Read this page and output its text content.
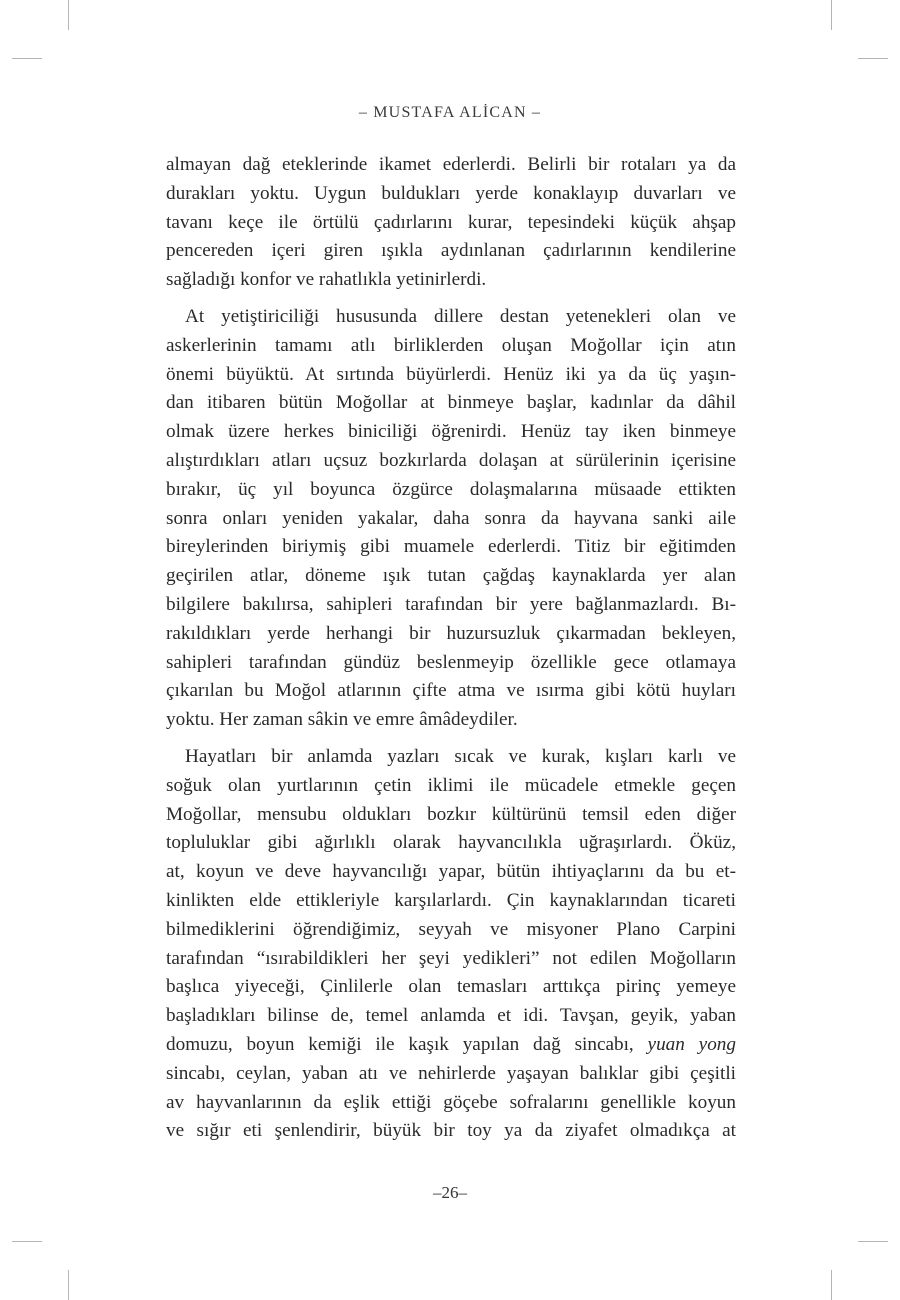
– MUSTAFA ALİCAN –

almayan dağ eteklerinde ikamet ederlerdi. Belirli bir rotaları ya da
durakları yoktu. Uygun buldukları yerde konaklayıp duvarları ve
tavanı keçe ile örtülü çadırlarını kurar, tepesindeki küçük ahşap
pencereden içeri giren ışıkla aydınlanan çadırlarının kendilerine
sağladığı konfor ve rahatlıkla yetinirlerdi.

At yetiştiriciliği hususunda dillere destan yetenekleri olan ve
askerlerinin tamamı atlı birliklerden oluşan Moğollar için atın
önemi büyüktü. At sırtında büyürlerdi. Henüz iki ya da üç yaşın-
dan itibaren bütün Moğollar at binmeye başlar, kadınlar da dâhil
olmak üzere herkes biniciliği öğrenirdi. Henüz tay iken binmeye
alıştırdıkları atları uçsuz bozkırlarda dolaşan at sürülerinin içerisine
bırakır, üç yıl boyunca özgürce dolaşmalarına müsaade ettikten
sonra onları yeniden yakalar, daha sonra da hayvana sanki aile
bireylerinden biriymiş gibi muamele ederlerdi. Titiz bir eğitimden
geçirilen atlar, döneme ışık tutan çağdaş kaynaklarda yer alan
bilgilere bakılırsa, sahipleri tarafından bir yere bağlanmazlardı. Bı-
rakıldıkları yerde herhangi bir huzursuzluk çıkarmadan bekleyen,
sahipleri tarafından gündüz beslenmeyip özellikle gece otlamaya
çıkarılan bu Moğol atlarının çifte atma ve ısırma gibi kötü huyları
yoktu. Her zaman sâkin ve emre âmâdeydiler.

Hayatları bir anlamda yazları sıcak ve kurak, kışları karlı ve
soğuk olan yurtlarının çetin iklimi ile mücadele etmekle geçen
Moğollar, mensubu oldukları bozkır kültürünü temsil eden diğer
topluluklar gibi ağırlıklı olarak hayvancılıkla uğraşırlardı. Öküz,
at, koyun ve deve hayvancılığı yapar, bütün ihtiyaçlarını da bu et-
kinlikten elde ettikleriyle karşılarlardı. Çin kaynaklarından ticareti
bilmediklerini öğrendiğimiz, seyyah ve misyoner Plano Carpini
tarafından “ısırabildikleri her şeyi yedikleri” not edilen Moğolların
başlıca yiyeceği, Çinlilerle olan temasları arttıkça pirinç yemeye
başladıkları bilinse de, temel anlamda et idi. Tavşan, geyik, yaban
domuzu, boyun kemiği ile kaşık yapılan dağ sincabı, yuan yong
sincabı, ceylan, yaban atı ve nehirlerde yaşayan balıklar gibi çeşitli
av hayvanlarının da eşlik ettiği göçebe sofralarını genellikle koyun
ve sığır eti şenlendirir, büyük bir toy ya da ziyafet olmadıkça at

–26–
